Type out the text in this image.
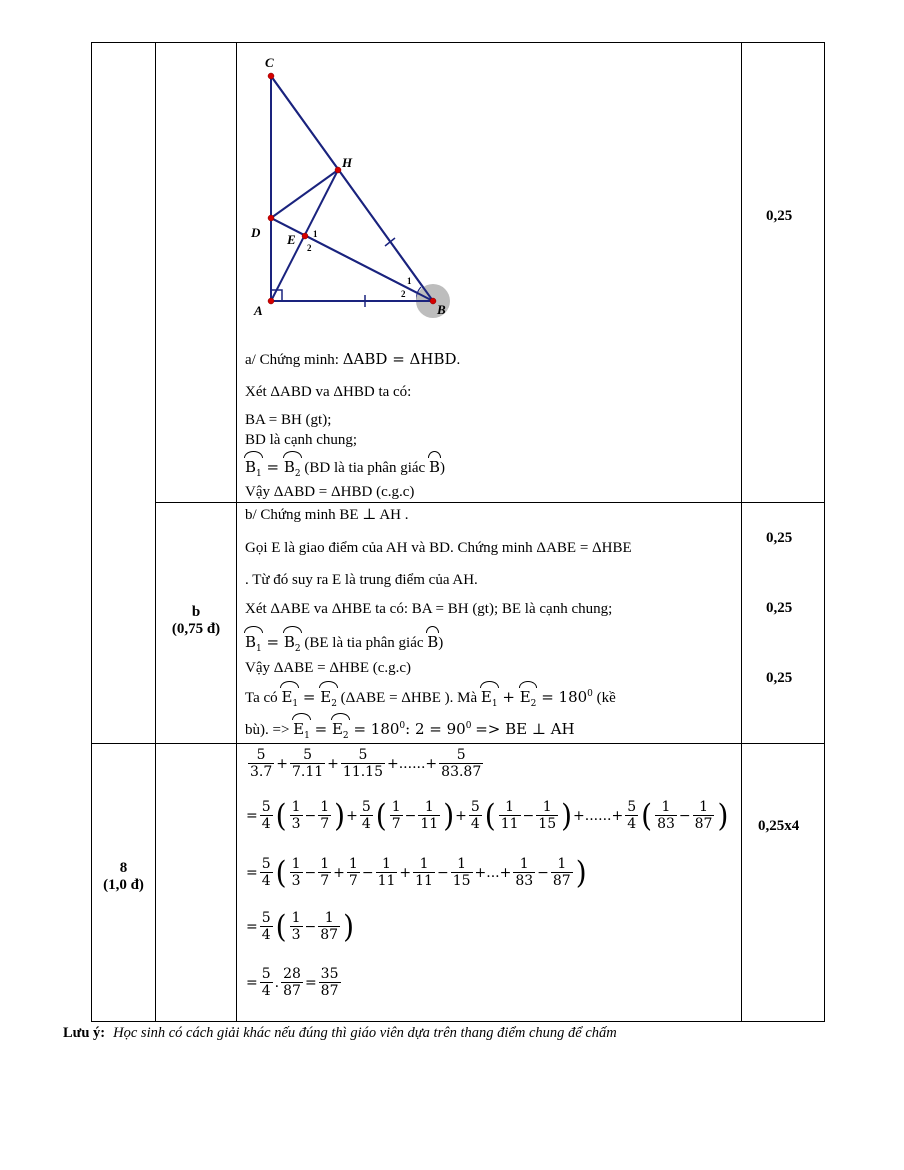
C
H
D E
A	B
1
2
1
2
0,25
a/ Chứng minh: ΔABD = ΔHBD.
Xét ΔABD va ΔHBD ta có:
BA = BH (gt);
BD là cạnh chung;
$B_1 = B_2$ (BD là tia phân giác B)
Vậy ΔABD = ΔHBD (c.g.c)
b
(0,75 đ)
0,25
0,25
0,25
b/ Chứng minh BE ⊥ AH .
Gọi E là giao điểm của AH và BD. Chứng minh ΔABE = ΔHBE
. Từ đó suy ra E là trung điểm của AH.
Xét ΔABE va ΔHBE ta có: BA = BH (gt); BE là cạnh chung;
$B_1 = B_2$ (BE là tia phân giác B)
Vậy ΔABE = ΔHBE (c.g.c)
Ta có $E_1 = E_2$ (ΔABE = ΔHBE ). Mà $E_1 + E_2 = 180^0$ (kề
bù). => $E_1 = E_2 = 180^0$: $2 = 90^0$ => BE ⊥ AH
8
(1,0 đ)
0,25x4
$\frac{5}{3.7} + \frac{5}{7.11} + \frac{5}{11.15}$ +......+ $\frac{5}{83.87}$
= $\frac{5}{4}$ ( $\frac{1}{3} - \frac{1}{7}$ ) + $\frac{5}{4}$ ( $\frac{1}{7} - \frac{1}{11}$ ) + $\frac{5}{4}$ ( $\frac{1}{11} - \frac{1}{15}$ ) +......+ $\frac{5}{4}$ ( $\frac{1}{83} - \frac{1}{87}$ )
= $\frac{5}{4}$ ( $\frac{1}{3} - \frac{1}{7} + \frac{1}{7} - \frac{1}{11} + \frac{1}{11} - \frac{1}{15}$ +...+ $\frac{1}{83} - \frac{1}{87}$ )
= $\frac{5}{4}$ ( $\frac{1}{3} - \frac{1}{87}$ )
= $\frac{5}{4}$ . $\frac{28}{87} = \frac{35}{87}$
Lưu ý: Học sinh có cách giải khác nếu đúng thì giáo viên dựa trên thang điểm chung để chấm
